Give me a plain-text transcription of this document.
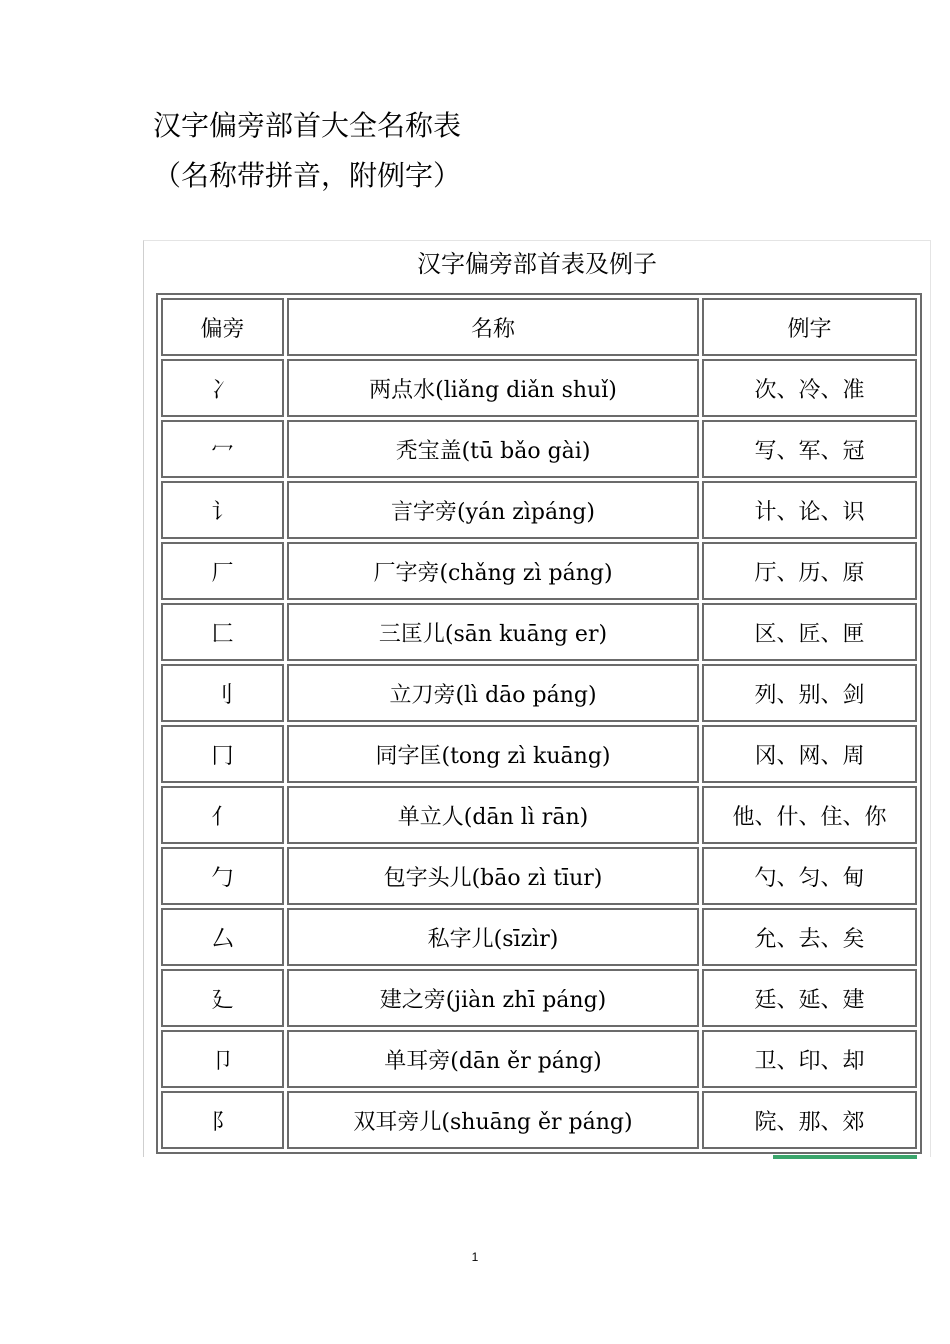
汉字偏旁部首大全名称表
（名称带拼音，附例字）
汉字偏旁部首表及例子
偏旁	名称	例字
冫	两点水(liǎng diǎn shuǐ)	次、冷、准
冖	秃宝盖(tū bǎo gài)	写、军、冠
讠	言字旁(yán zìpáng)	计、论、识
厂	厂字旁(chǎng zì páng)	厅、历、原
匚	三匡儿(sān kuāng er)	区、匠、匣
刂	立刀旁(lì dāo páng)	列、别、剑
冂	同字匡(tong zì kuāng)	冈、网、周
亻	单立人(dān lì rān)	他、什、住、你
勹	包字头儿(bāo zì tīur)	勺、匀、甸
厶	私字儿(sīzìr)	允、去、矣
廴	建之旁(jiàn zhī páng)	廷、延、建
卩	单耳旁(dān ěr páng)	卫、印、却
阝	双耳旁儿(shuāng ěr páng)	院、那、郊
1
